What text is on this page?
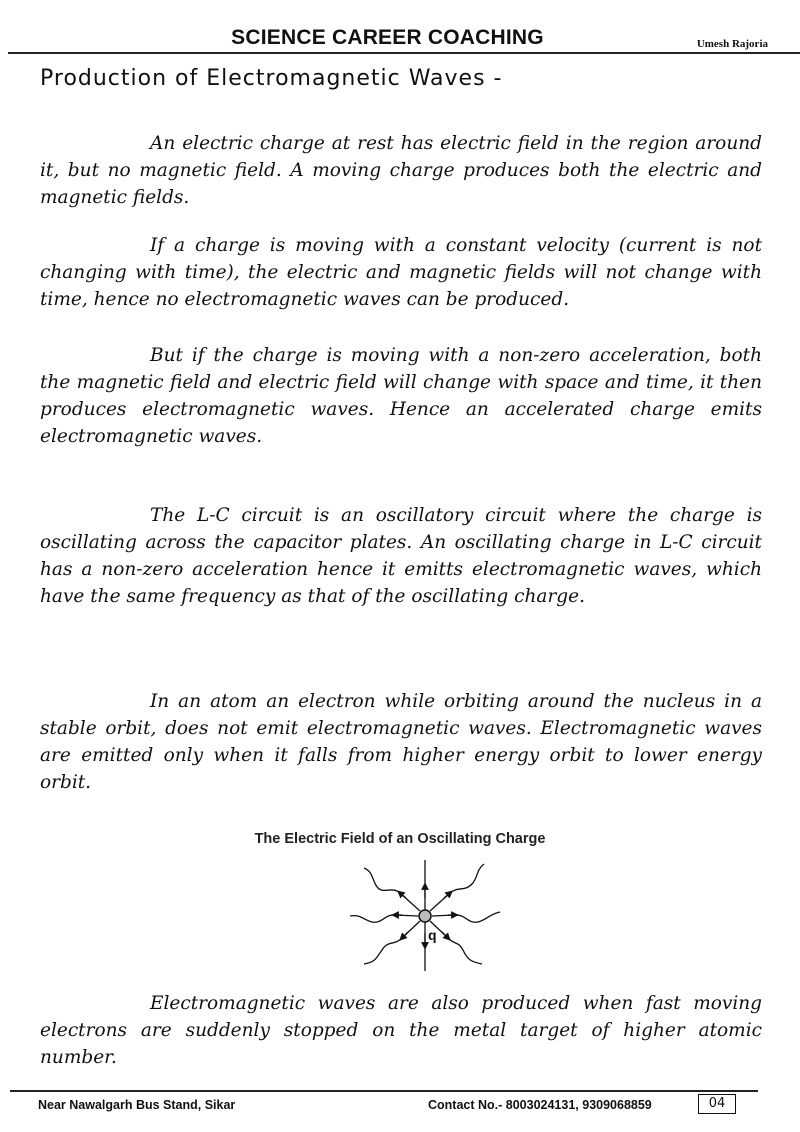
SCIENCE CAREER COACHING	Umesh Rajoria
Production of Electromagnetic Waves -

An electric charge at rest has electric field in the region around it, but no magnetic field. A moving charge produces both the electric and magnetic fields.

If a charge is moving with a constant velocity (current is not changing with time), the electric and magnetic fields will not change with time, hence no electromagnetic waves can be produced.

But if the charge is moving with a non-zero acceleration, both the magnetic field and electric field will change with space and time, it then produces electromagnetic waves. Hence an accelerated charge emits electromagnetic waves.

The L-C circuit is an oscillatory circuit where the charge is oscillating across the capacitor plates. An oscillating charge in L-C circuit has a non-zero acceleration hence it emitts electromagnetic waves, which have the same frequency as that of the oscillating charge.

In an atom an electron while orbiting around the nucleus in a stable orbit, does not emit electromagnetic waves. Electromagnetic waves are emitted only when it falls from higher energy orbit to lower energy orbit.

The Electric Field of an Oscillating Charge
q

Electromagnetic waves are also produced when fast moving electrons are suddenly stopped on the metal target of higher atomic number.

Near Nawalgarh Bus Stand, Sikar	Contact No.- 8003024131, 9309068859	04
